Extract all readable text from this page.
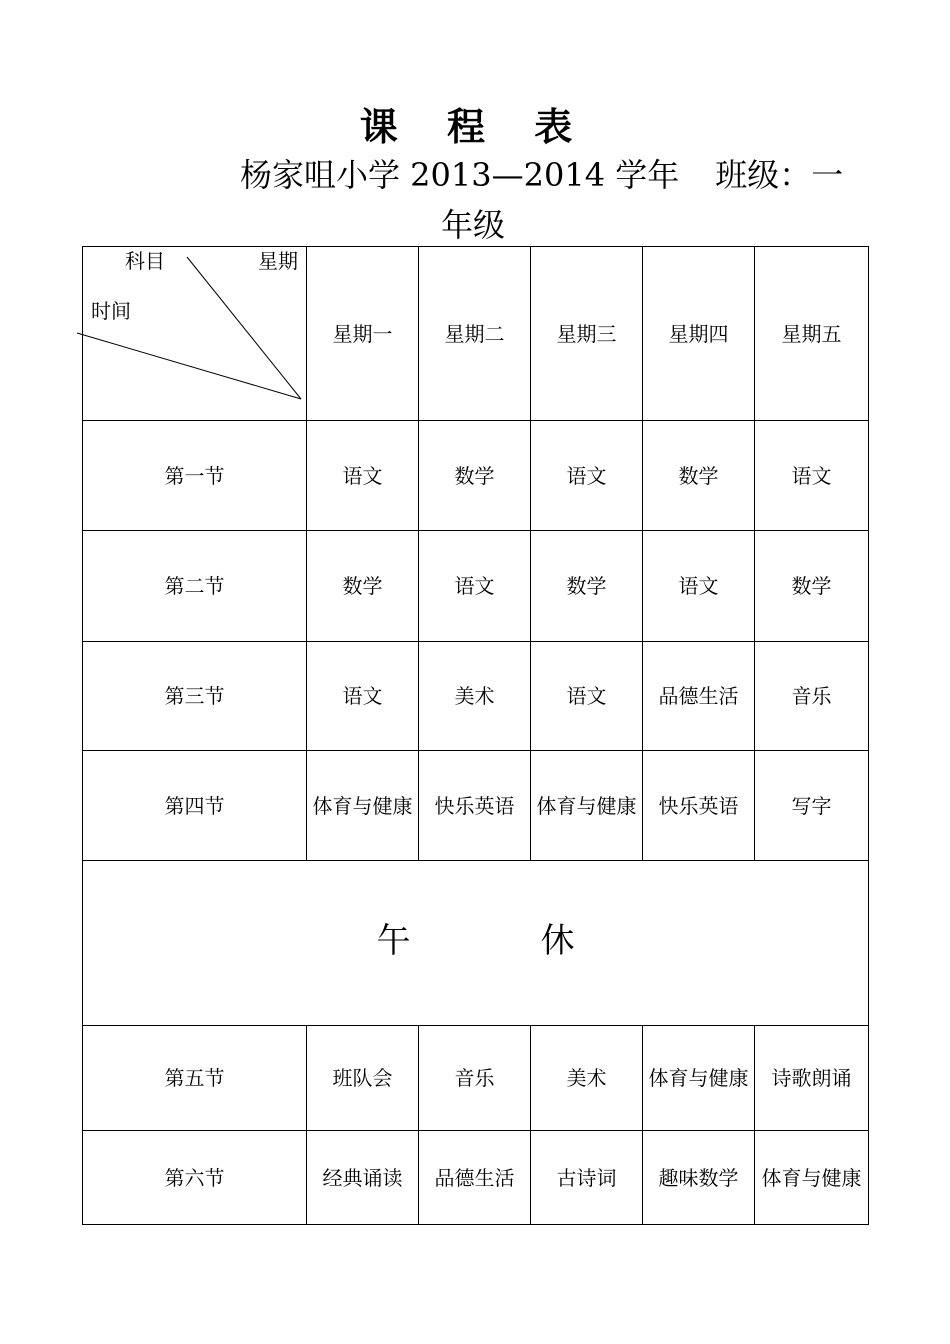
课 程 表
杨家咀小学 2013—2014 学年 班级：一
年级
科目 星期
时间	星期一	星期二	星期三	星期四	星期五
第一节	语文	数学	语文	数学	语文
第二节	数学	语文	数学	语文	数学
第三节	语文	美术	语文	品德生活	音乐
第四节	体育与健康	快乐英语	体育与健康	快乐英语	写字
午 休					
第五节	班队会	音乐	美术	体育与健康	诗歌朗诵
第六节	经典诵读	品德生活	古诗词	趣味数学	体育与健康
